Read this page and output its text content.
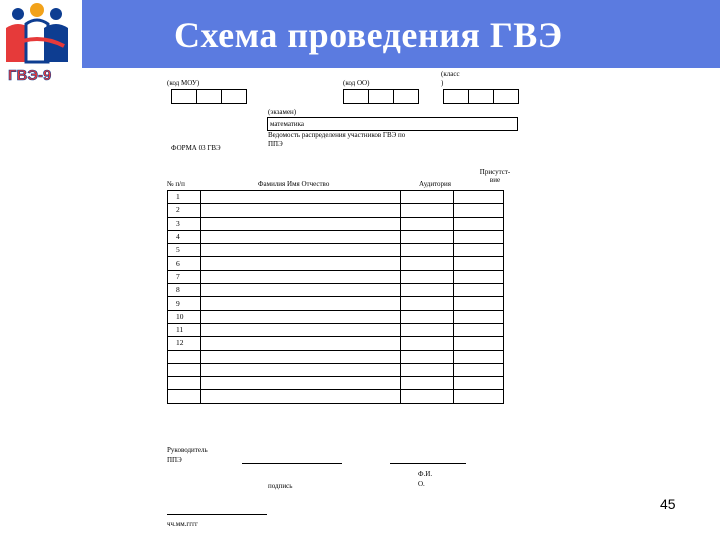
Схема проведения ГВЭ
ГВЭ-9	(код МОУ)	(код ОО)
(класс
)
(экзамен)
математика
Ведомость распределения участников ГВЭ по
ППЭ
ФОРМА 03 ГВЭ
№ п/п	Фамилия Имя Отчество	Аудитория
Присутст-
вие

1			
2			
3			
4			
5			
6			
7			
8			
9			
10			
11			
12			

Руководитель
ППЭ
подпись
Ф.И.
О.
чч.мм.гггг
45
